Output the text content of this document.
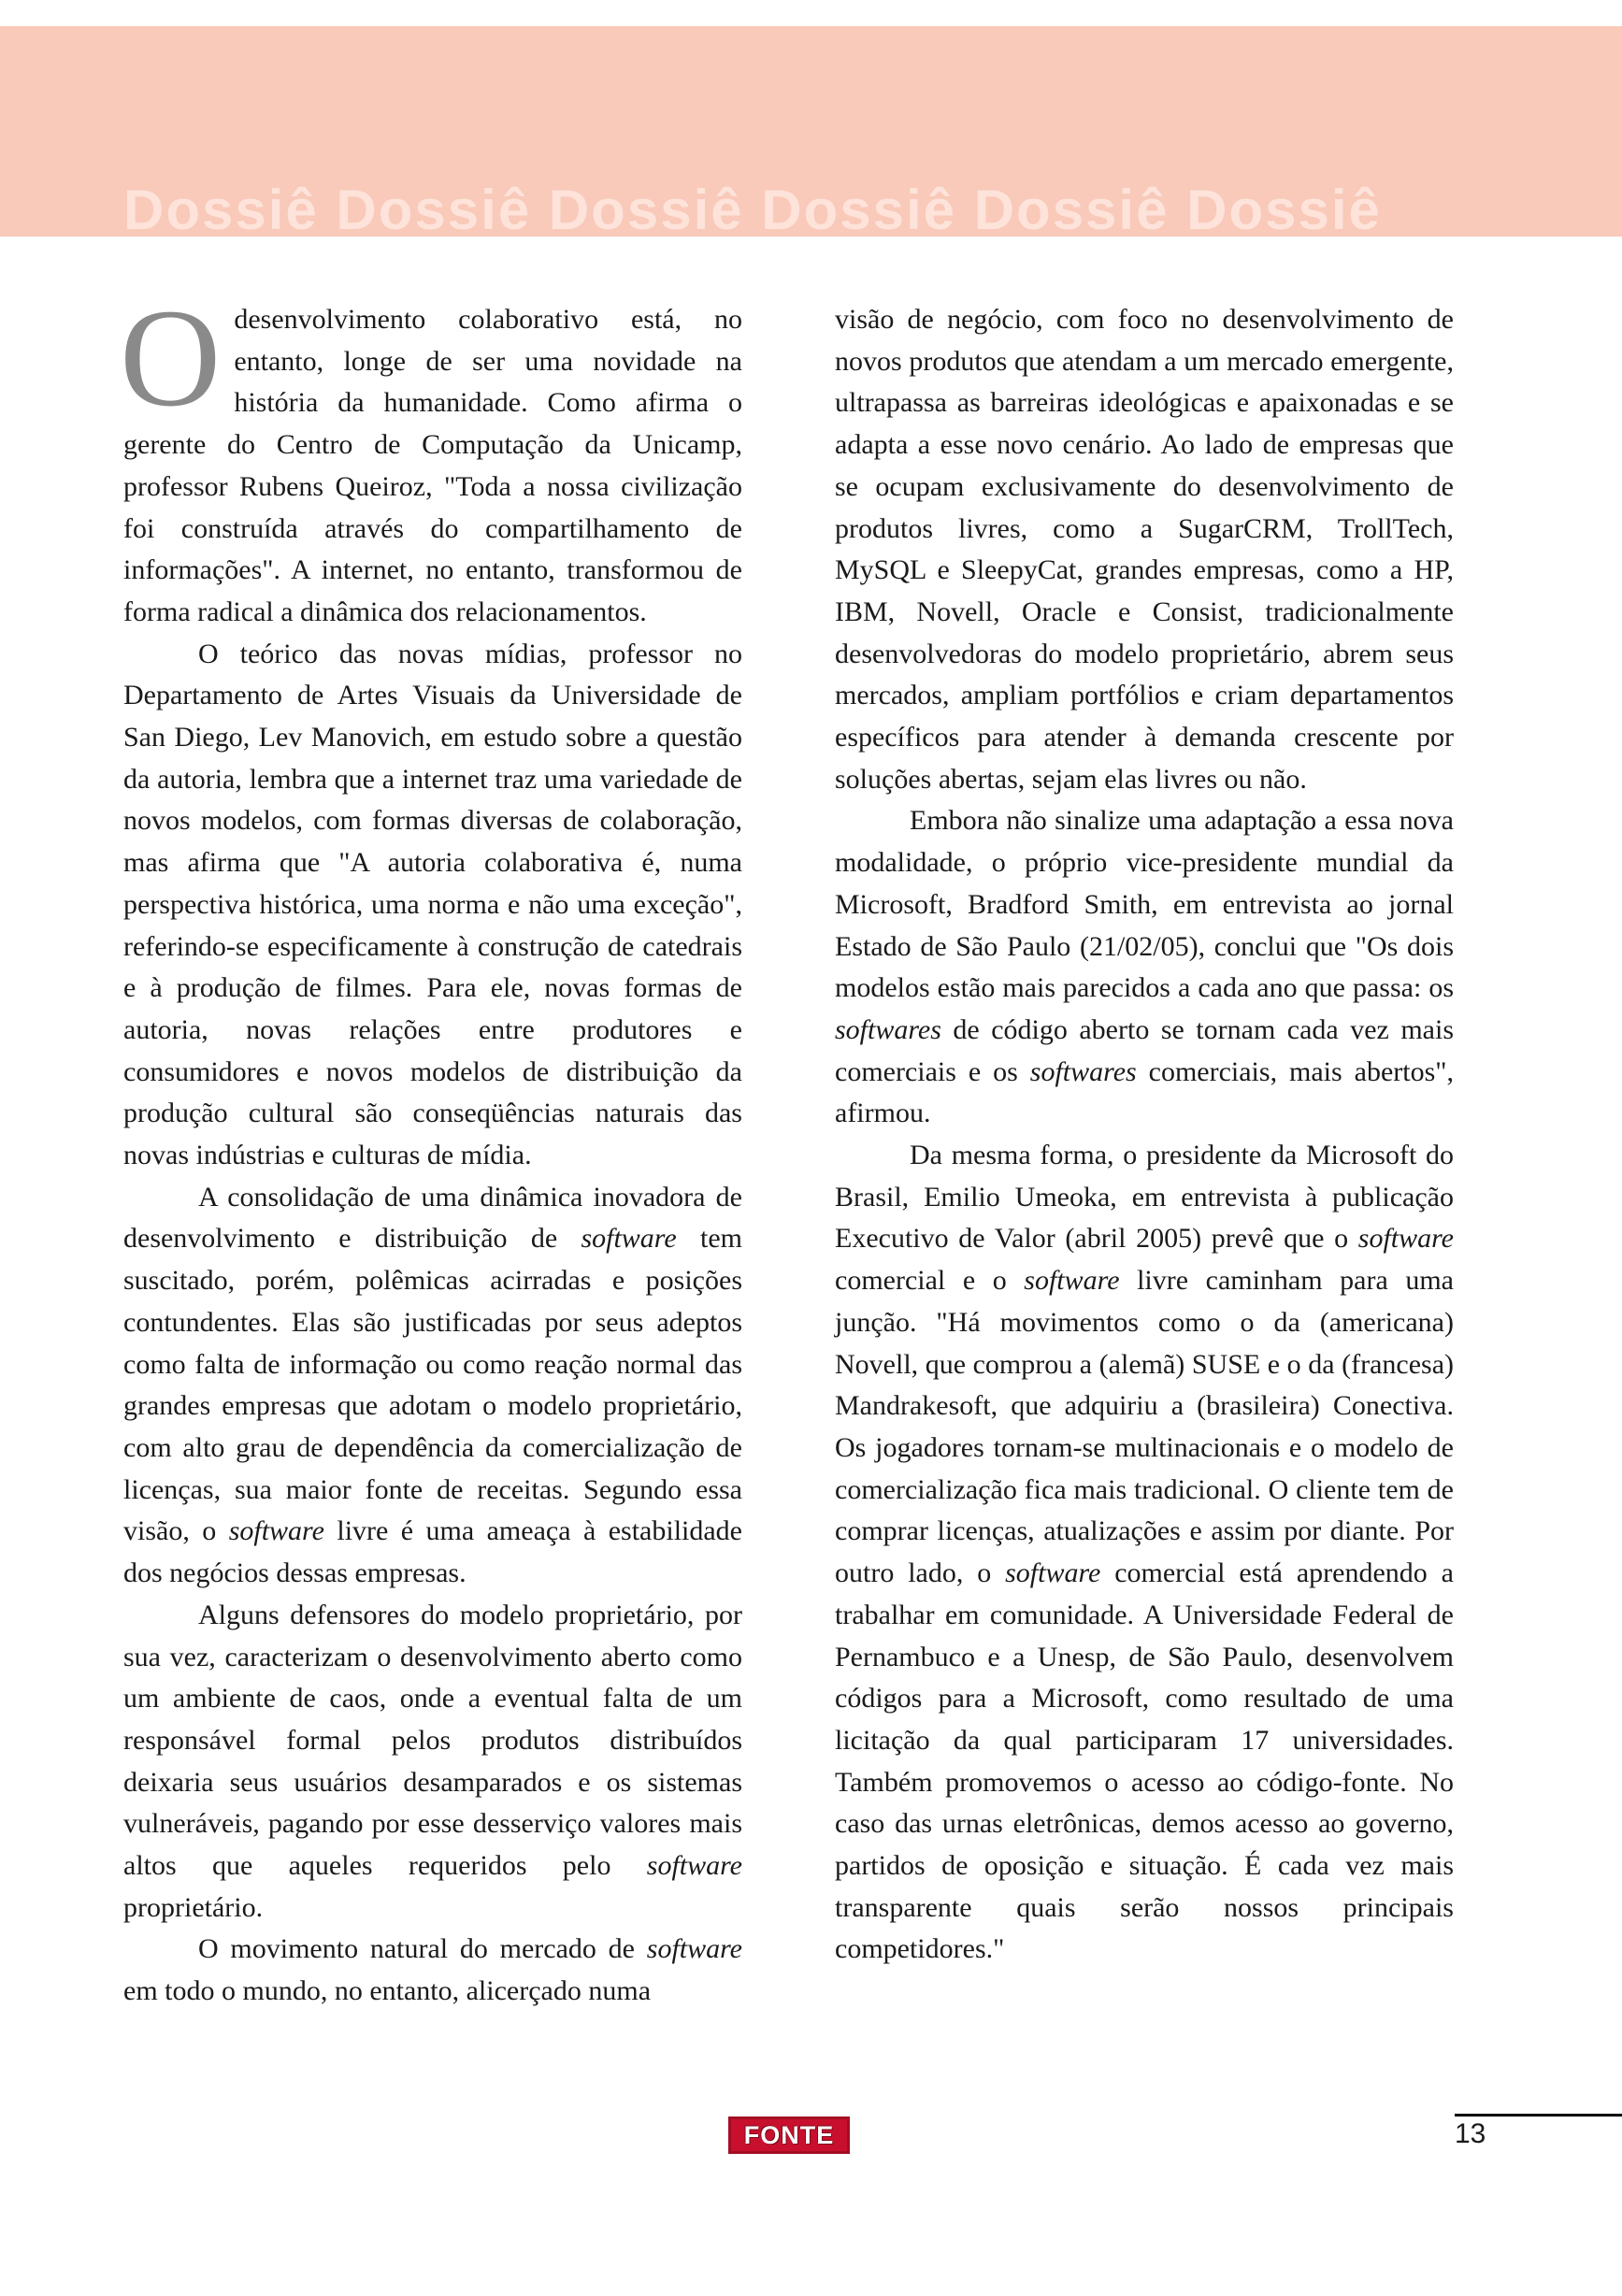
Dossiê Dossiê Dossiê Dossiê Dossiê Dossiê

Odesenvolvimento colaborativo está, no entanto, longe de ser uma novidade na história da humanidade. Como afirma o gerente do Centro de Computação da Unicamp, professor Rubens Queiroz, "Toda a nossa civilização foi construída através do compartilhamento de informações". A internet, no entanto, transformou de forma radical a dinâmica dos relacionamentos.

O teórico das novas mídias, professor no Departamento de Artes Visuais da Universidade de San Diego, Lev Manovich, em estudo sobre a questão da autoria, lembra que a internet traz uma variedade de novos modelos, com formas diversas de colaboração, mas afirma que "A autoria colaborativa é, numa perspectiva histórica, uma norma e não uma exceção", referindo-se especificamente à construção de catedrais e à produção de filmes. Para ele, novas formas de autoria, novas relações entre produtores e consumidores e novos modelos de distribuição da produção cultural são conseqüências naturais das novas indústrias e culturas de mídia.

A consolidação de uma dinâmica inovadora de desenvolvimento e distribuição de software tem suscitado, porém, polêmicas acirradas e posições contundentes. Elas são justificadas por seus adeptos como falta de informação ou como reação normal das grandes empresas que adotam o modelo proprietário, com alto grau de dependência da comercialização de licenças, sua maior fonte de receitas. Segundo essa visão, o software livre é uma ameaça à estabilidade dos negócios dessas empresas.

Alguns defensores do modelo proprietário, por sua vez, caracterizam o desenvolvimento aberto como um ambiente de caos, onde a eventual falta de um responsável formal pelos produtos distribuídos deixaria seus usuários desamparados e os sistemas vulneráveis, pagando por esse desserviço valores mais altos que aqueles requeridos pelo software proprietário.

O movimento natural do mercado de software em todo o mundo, no entanto, alicerçado numa

visão de negócio, com foco no desenvolvimento de novos produtos que atendam a um mercado emergente, ultrapassa as barreiras ideológicas e apaixonadas e se adapta a esse novo cenário. Ao lado de empresas que se ocupam exclusivamente do desenvolvimento de produtos livres, como a SugarCRM, TrollTech, MySQL e SleepyCat, grandes empresas, como a HP, IBM, Novell, Oracle e Consist, tradicionalmente desenvolvedoras do modelo proprietário, abrem seus mercados, ampliam portfólios e criam departamentos específicos para atender à demanda crescente por soluções abertas, sejam elas livres ou não.

Embora não sinalize uma adaptação a essa nova modalidade, o próprio vice-presidente mundial da Microsoft, Bradford Smith, em entrevista ao jornal Estado de São Paulo (21/02/05), conclui que "Os dois modelos estão mais parecidos a cada ano que passa: os softwares de código aberto se tornam cada vez mais comerciais e os softwares comerciais, mais abertos", afirmou.

Da mesma forma, o presidente da Microsoft do Brasil, Emilio Umeoka, em entrevista à publicação Executivo de Valor (abril 2005) prevê que o software comercial e o software livre caminham para uma junção. "Há movimentos como o da (americana) Novell, que comprou a (alemã) SUSE e o da (francesa) Mandrakesoft, que adquiriu a (brasileira) Conectiva. Os jogadores tornam-se multinacionais e o modelo de comercialização fica mais tradicional. O cliente tem de comprar licenças, atualizações e assim por diante. Por outro lado, o software comercial está aprendendo a trabalhar em comunidade. A Universidade Federal de Pernambuco e a Unesp, de São Paulo, desenvolvem códigos para a Microsoft, como resultado de uma licitação da qual participaram 17 universidades. Também promovemos o acesso ao código-fonte. No caso das urnas eletrônicas, demos acesso ao governo, partidos de oposição e situação. É cada vez mais transparente quais serão nossos principais competidores."

FONTE	13
